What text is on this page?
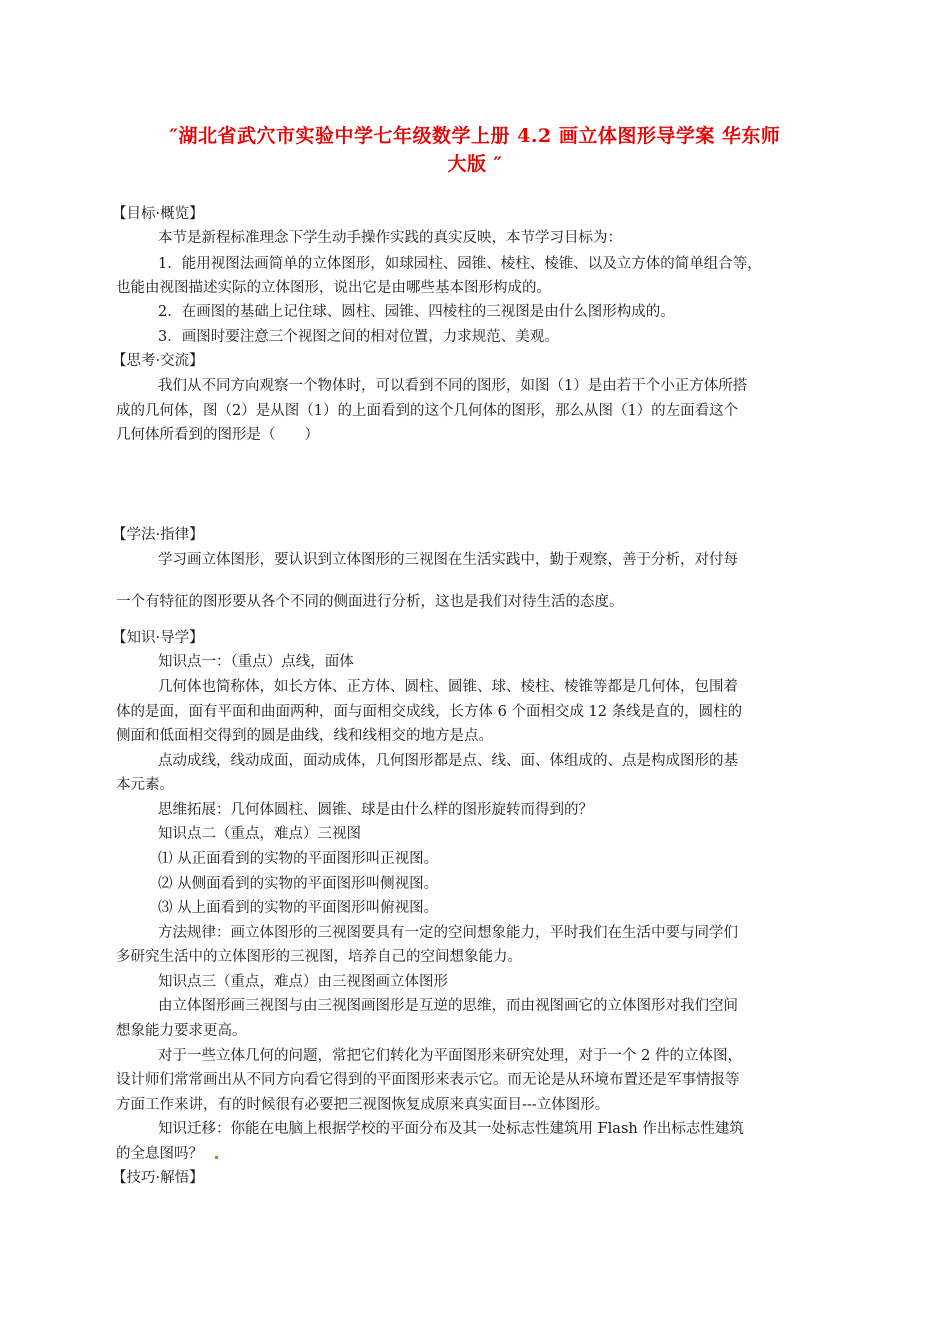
″湖北省武穴市实验中学七年级数学上册 4.2 画立体图形导学案 华东师
大版 ″
【目标·概览】
本节是新程标准理念下学生动手操作实践的真实反映，本节学习目标为：
1．能用视图法画简单的立体图形，如球园柱、园锥、棱柱、棱锥、以及立方体的简单组合等，
也能由视图描述实际的立体图形，说出它是由哪些基本图形构成的。
2．在画图的基础上记住球、圆柱、园锥、四棱柱的三视图是由什么图形构成的。
3．画图时要注意三个视图之间的相对位置，力求规范、美观。
【思考·交流】
我们从不同方向观察一个物体时，可以看到不同的图形，如图（1）是由若干个小正方体所搭
成的几何体，图（2）是从图（1）的上面看到的这个几何体的图形，那么从图（1）的左面看这个
几何体所看到的图形是（　　）
【学法·指律】
学习画立体图形，要认识到立体图形的三视图在生活实践中，勤于观察，善于分析，对付每
一个有特征的图形要从各个不同的侧面进行分析，这也是我们对待生活的态度。
【知识·导学】
知识点一：（重点）点线，面体
几何体也简称体，如长方体、正方体、圆柱、圆锥、球、棱柱、棱锥等都是几何体，包围着
体的是面，面有平面和曲面两种，面与面相交成线，长方体 6 个面相交成 12 条线是直的，圆柱的
侧面和低面相交得到的圆是曲线，线和线相交的地方是点。
点动成线，线动成面，面动成体，几何图形都是点、线、面、体组成的、点是构成图形的基
本元素。
思维拓展：几何体圆柱、圆锥、球是由什么样的图形旋转而得到的？
知识点二（重点，难点）三视图
⑴ 从正面看到的实物的平面图形叫正视图。
⑵ 从侧面看到的实物的平面图形叫侧视图。
⑶ 从上面看到的实物的平面图形叫俯视图。
方法规律：画立体图形的三视图要具有一定的空间想象能力，平时我们在生活中要与同学们
多研究生活中的立体图形的三视图，培养自己的空间想象能力。
知识点三（重点，难点）由三视图画立体图形
由立体图形画三视图与由三视图画图形是互逆的思维，而由视图画它的立体图形对我们空间
想象能力要求更高。
对于一些立体几何的问题，常把它们转化为平面图形来研究处理，对于一个 2 件的立体图，
设计师们常常画出从不同方向看它得到的平面图形来表示它。而无论是从环境布置还是军事情报等
方面工作来讲，有的时候很有必要把三视图恢复成原来真实面目---立体图形。
知识迁移：你能在电脑上根据学校的平面分布及其一处标志性建筑用 Flash 作出标志性建筑
的全息图吗？
【技巧·解悟】
